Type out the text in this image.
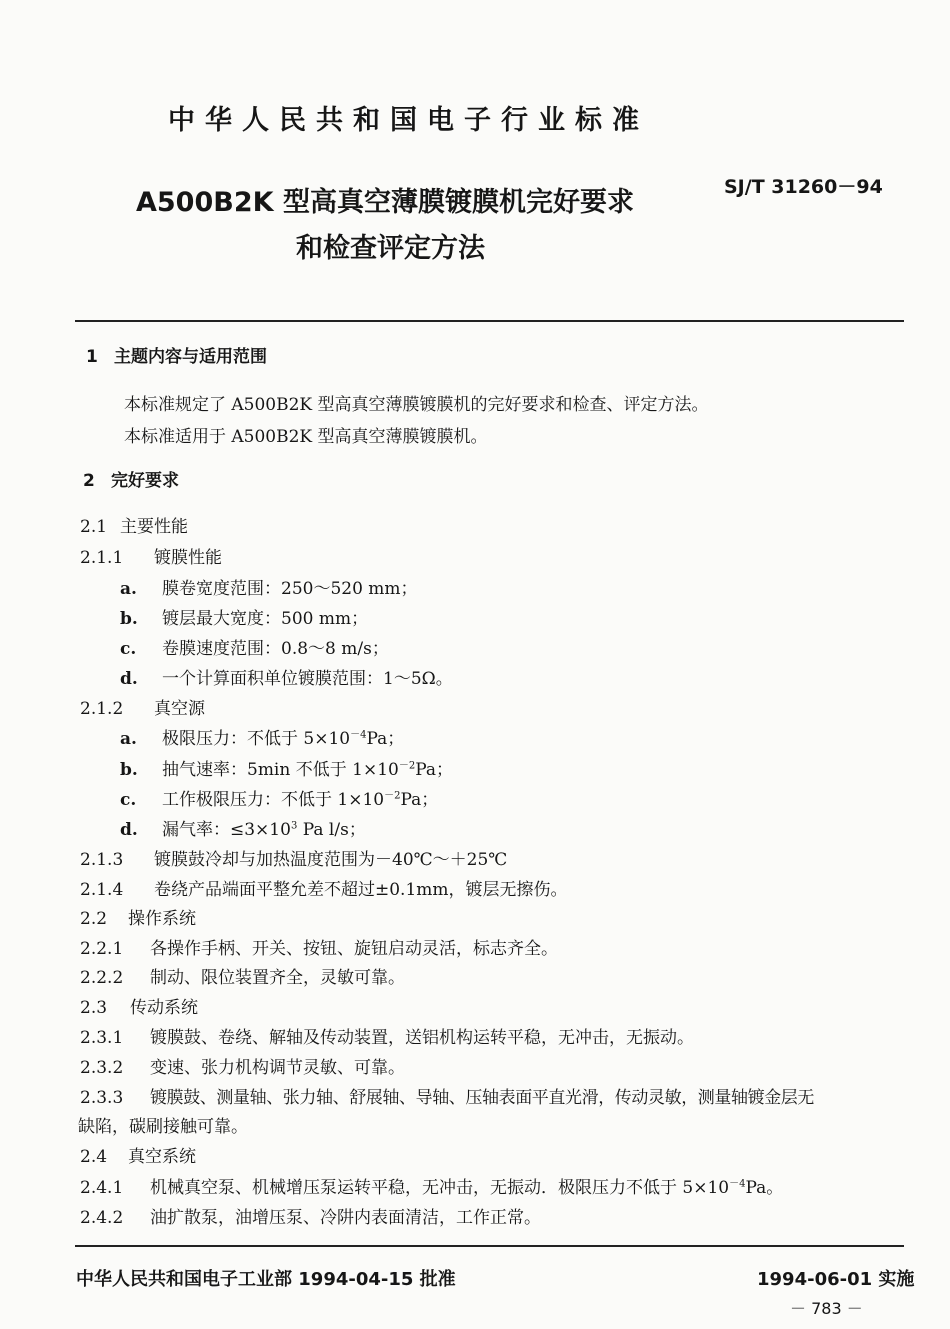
中华人民共和国电子行业标准
A500B2K 型高真空薄膜镀膜机完好要求
和检查评定方法
SJ/T 31260－94
1 主题内容与适用范围
本标准规定了 A500B2K 型高真空薄膜镀膜机的完好要求和检查、评定方法。
本标准适用于 A500B2K 型高真空薄膜镀膜机。
2 完好要求
2.1 主要性能
2.1.1 镀膜性能
a. 膜卷宽度范围：250～520 mm；
b. 镀层最大宽度：500 mm；
c. 卷膜速度范围：0.8～8 m/s；
d. 一个计算面积单位镀膜范围：1～5Ω。
2.1.2 真空源
a. 极限压力：不低于 $5\times 10^{-4}Pa$；
b. 抽气速率：5min 不低于 $1\times 10^{-2}Pa$；
c. 工作极限压力：不低于 $1\times 10^{-2}Pa$；
d. 漏气率：$\le 3\times 10^3$ Pa l/s；
2.1.3 镀膜鼓冷却与加热温度范围为－40℃～＋25℃
2.1.4 卷绕产品端面平整允差不超过±0.1mm，镀层无擦伤。
2.2 操作系统
2.2.1 各操作手柄、开关、按钮、旋钮启动灵活，标志齐全。
2.2.2 制动、限位装置齐全，灵敏可靠。
2.3 传动系统
2.3.1 镀膜鼓、卷绕、解轴及传动装置，送铝机构运转平稳，无冲击，无振动。
2.3.2 变速、张力机构调节灵敏、可靠。
2.3.3 镀膜鼓、测量轴、张力轴、舒展轴、导轴、压轴表面平直光滑，传动灵敏，测量轴镀金层无
缺陷，碳刷接触可靠。
2.4 真空系统
2.4.1 机械真空泵、机械增压泵运转平稳，无冲击，无振动．极限压力不低于 $5\times 10^{-4}Pa$。
2.4.2 油扩散泵，油增压泵、冷阱内表面清洁，工作正常。
中华人民共和国电子工业部 1994-04-15 批准	1994-06-01 实施
－ 783 －
